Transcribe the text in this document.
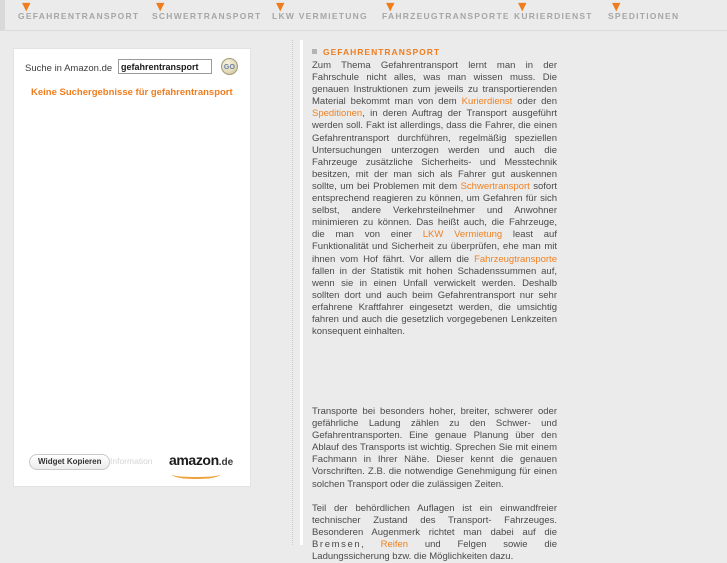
▼
GEFAHRENTRANSPORT
▼
SCHWERTRANSPORT
▼
LKW VERMIETUNG
▼
FAHRZEUGTRANSPORTE
▼
KURIERDIENST
▼
SPEDITIONEN
Suche in Amazon.de
gefahrentransport	GO
Keine Suchergebnisse für gefahrentransport
Widget Kopieren	Information amazon.de
GEFAHRENTRANSPORT
Zum Thema Gefahrentransport lernt man in der Fahrschule nicht alles, was man wissen muss. Die genauen Instruktionen zum jeweils zu transportierenden Material bekommt man von dem Kurierdienst oder den Speditionen, in deren Auftrag der Transport ausgeführt werden soll. Fakt ist allerdings, dass die Fahrer, die einen Gefahrentransport durchführen, regelmäßig speziellen Untersuchungen unterzogen werden und auch die Fahrzeuge zusätzliche Sicherheits- und Messtechnik besitzen, mit der man sich als Fahrer gut auskennen sollte, um bei Problemen mit dem Schwertransport sofort entsprechend reagieren zu können, um Gefahren für sich selbst, andere Verkehrsteilnehmer und Anwohner minimieren zu können. Das heißt auch, die Fahrzeuge, die man von einer LKW Vermietung least auf Funktionalität und Sicherheit zu überprüfen, ehe man mit ihnen vom Hof fährt. Vor allem die Fahrzeugtransporte fallen in der Statistik mit hohen Schadenssummen auf, wenn sie in einen Unfall verwickelt werden. Deshalb sollten dort und auch beim Gefahrentransport nur sehr erfahrene Kraftfahrer eingesetzt werden, die umsichtig fahren und auch die gesetzlich vorgegebenen Lenkzeiten konsequent einhalten.
Transporte bei besonders hoher, breiter, schwerer oder gefährliche Ladung zählen zu den Schwer- und Gefahrentransporten. Eine genaue Planung über den Ablauf des Transports ist wichtig. Sprechen Sie mit einem Fachmann in Ihrer Nähe. Dieser kennt die genauen Vorschriften. Z.B. die notwendige Genehmigung für einen solchen Transport oder die zulässigen Zeiten.

Teil der behördlichen Auflagen ist ein einwandfreier technischer Zustand des Transport- Fahrzeuges. Besonderen Augenmerk richtet man dabei auf die Bremsen, Reifen und Felgen sowie die Ladungssicherung bzw. die Möglichkeiten dazu.
